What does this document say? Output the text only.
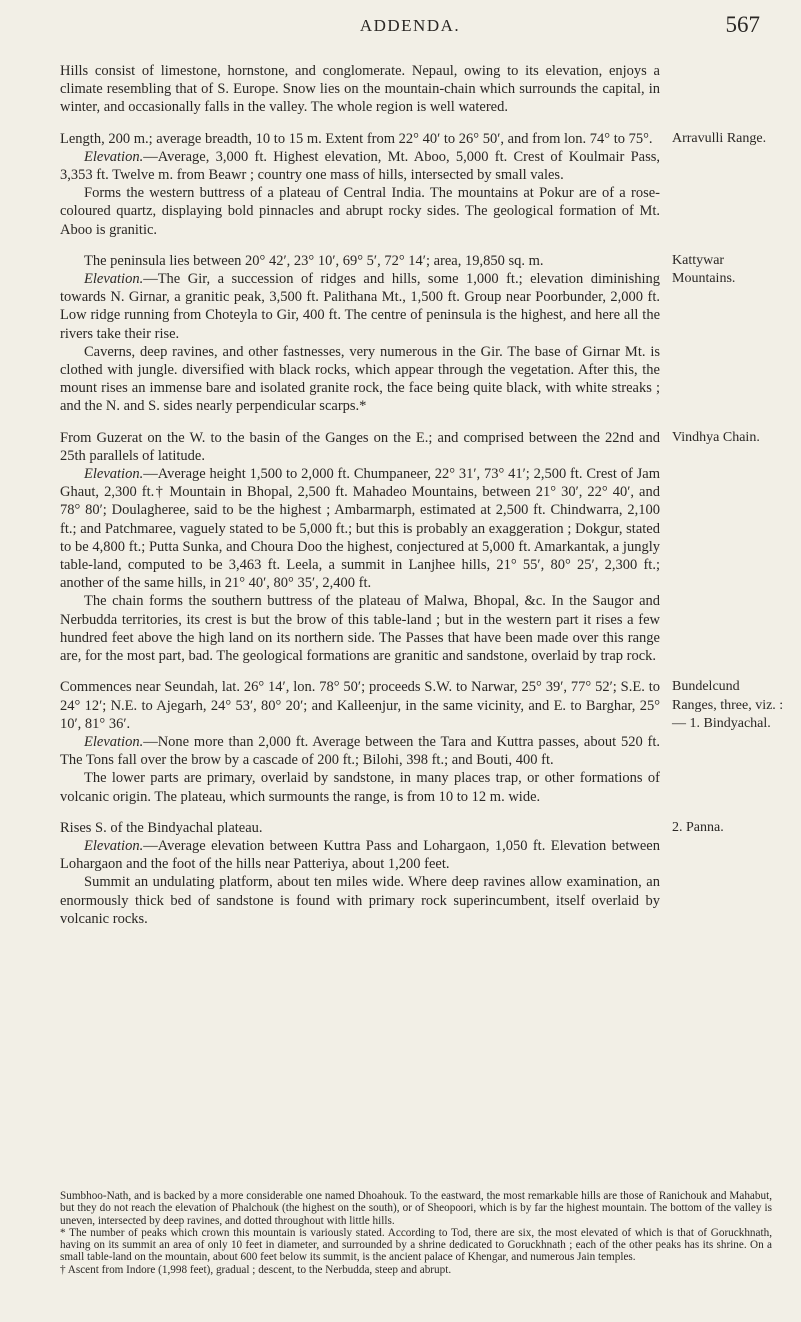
ADDENDA.	567

Hills consist of limestone, hornstone, and conglomerate. Nepaul, owing to its elevation, enjoys a climate resembling that of S. Europe. Snow lies on the mountain-chain which surrounds the capital, in winter, and occasionally falls in the valley. The whole region is well watered.

Length, 200 m.; average breadth, 10 to 15 m. Extent from 22° 40′ to 26° 50′, and from lon. 74° to 75°.

Elevation.—Average, 3,000 ft. Highest elevation, Mt. Aboo, 5,000 ft. Crest of Koulmair Pass, 3,353 ft. Twelve m. from Beawr ; country one mass of hills, intersected by small vales.

Forms the western buttress of a plateau of Central India. The mountains at Pokur are of a rose-coloured quartz, displaying bold pinnacles and abrupt rocky sides. The geological formation of Mt. Aboo is granitic.

Arravulli Range.

The peninsula lies between 20° 42′, 23° 10′, 69° 5′, 72° 14′; area, 19,850 sq. m.

Elevation.—The Gir, a succession of ridges and hills, some 1,000 ft.; elevation diminishing towards N. Girnar, a granitic peak, 3,500 ft. Palithana Mt., 1,500 ft. Group near Poorbunder, 2,000 ft. Low ridge running from Choteyla to Gir, 400 ft. The centre of peninsula is the highest, and here all the rivers take their rise.

Caverns, deep ravines, and other fastnesses, very numerous in the Gir. The base of Girnar Mt. is clothed with jungle. diversified with black rocks, which appear through the vegetation. After this, the mount rises an immense bare and isolated granite rock, the face being quite black, with white streaks ; and the N. and S. sides nearly perpendicular scarps.*

Kattywar Mountains.

From Guzerat on the W. to the basin of the Ganges on the E.; and comprised between the 22nd and 25th parallels of latitude.

Elevation.—Average height 1,500 to 2,000 ft. Chumpaneer, 22° 31′, 73° 41′; 2,500 ft. Crest of Jam Ghaut, 2,300 ft.† Mountain in Bhopal, 2,500 ft. Mahadeo Mountains, between 21° 30′, 22° 40′, and 78° 80′; Doulagheree, said to be the highest ; Ambarmarph, estimated at 2,500 ft. Chindwarra, 2,100 ft.; and Patchmaree, vaguely stated to be 5,000 ft.; but this is probably an exaggeration ; Dokgur, stated to be 4,800 ft.; Putta Sunka, and Choura Doo the highest, conjectured at 5,000 ft. Amarkantak, a jungly table-land, computed to be 3,463 ft. Leela, a summit in Lanjhee hills, 21° 55′, 80° 25′, 2,300 ft.; another of the same hills, in 21° 40′, 80° 35′, 2,400 ft.

The chain forms the southern buttress of the plateau of Malwa, Bhopal, &c. In the Saugor and Nerbudda territories, its crest is but the brow of this table-land ; but in the western part it rises a few hundred feet above the high land on its northern side. The Passes that have been made over this range are, for the most part, bad. The geological formations are granitic and sandstone, overlaid by trap rock.

Vindhya Chain.

Commences near Seundah, lat. 26° 14′, lon. 78° 50′; proceeds S.W. to Narwar, 25° 39′, 77° 52′; S.E. to 24° 12′; N.E. to Ajegarh, 24° 53′, 80° 20′; and Kalleenjur, in the same vicinity, and E. to Barghar, 25° 10′, 81° 36′.

Elevation.—None more than 2,000 ft. Average between the Tara and Kuttra passes, about 520 ft. The Tons fall over the brow by a cascade of 200 ft.; Bilohi, 398 ft.; and Bouti, 400 ft.

The lower parts are primary, overlaid by sandstone, in many places trap, or other formations of volcanic origin. The plateau, which surmounts the range, is from 10 to 12 m. wide.

Bundelcund Ranges, three, viz. :— 1. Bindyachal.

Rises S. of the Bindyachal plateau.

Elevation.—Average elevation between Kuttra Pass and Lohargaon, 1,050 ft. Elevation between Lohargaon and the foot of the hills near Patteriya, about 1,200 feet.

Summit an undulating platform, about ten miles wide. Where deep ravines allow examination, an enormously thick bed of sandstone is found with primary rock superincumbent, itself overlaid by volcanic rocks.

2. Panna.

Sumbhoo-Nath, and is backed by a more considerable one named Dhoahouk. To the eastward, the most remarkable hills are those of Ranichouk and Mahabut, but they do not reach the elevation of Phalchouk (the highest on the south), or of Sheopoori, which is by far the highest mountain. The bottom of the valley is uneven, intersected by deep ravines, and dotted throughout with little hills.

* The number of peaks which crown this mountain is variously stated. According to Tod, there are six, the most elevated of which is that of Goruckhnath, having on its summit an area of only 10 feet in diameter, and surrounded by a shrine dedicated to Goruckhnath ; each of the other peaks has its shrine. On a small table-land on the mountain, about 600 feet below its summit, is the ancient palace of Khengar, and numerous Jain temples.

† Ascent from Indore (1,998 feet), gradual ; descent, to the Nerbudda, steep and abrupt.
